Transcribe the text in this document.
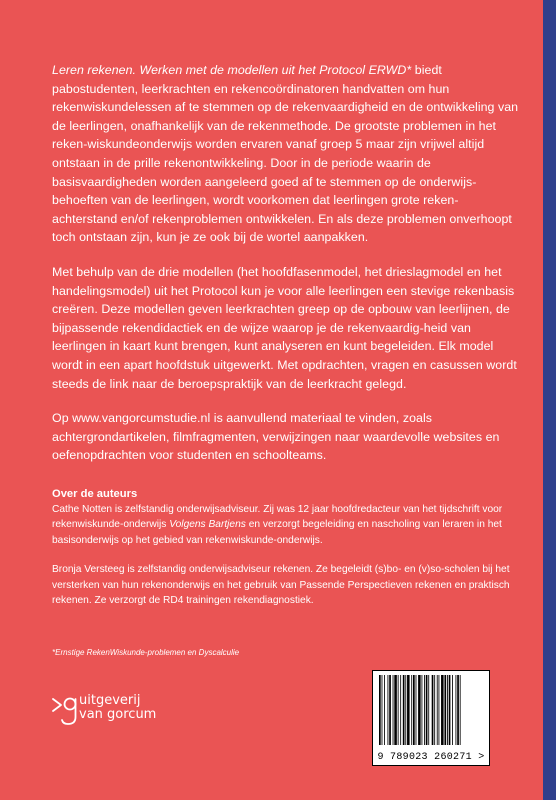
Leren rekenen. Werken met de modellen uit het Protocol ERWD* biedt pabostudenten, leerkrachten en rekencoördinatoren handvatten om hun rekenwiskundelessen af te stemmen op de rekenvaardigheid en de ontwikkeling van de leerlingen, onafhankelijk van de rekenmethode. De grootste problemen in het reken-wiskundeonderwijs worden ervaren vanaf groep 5 maar zijn vrijwel altijd ontstaan in de prille rekenontwikkeling. Door in de periode waarin de basisvaardigheden worden aangeleerd goed af te stemmen op de onderwijs-behoeften van de leerlingen, wordt voorkomen dat leerlingen grote reken-achterstand en/of rekenproblemen ontwikkelen. En als deze problemen onverhoopt toch ontstaan zijn, kun je ze ook bij de wortel aanpakken.

Met behulp van de drie modellen (het hoofdfasenmodel, het drieslagmodel en het handelingsmodel) uit het Protocol kun je voor alle leerlingen een stevige rekenbasis creëren. Deze modellen geven leerkrachten greep op de opbouw van leerlijnen, de bijpassende rekendidactiek en de wijze waarop je de rekenvaardig-heid van leerlingen in kaart kunt brengen, kunt analyseren en kunt begeleiden. Elk model wordt in een apart hoofdstuk uitgewerkt. Met opdrachten, vragen en casussen wordt steeds de link naar de beroepspraktijk van de leerkracht gelegd.

Op www.vangorcumstudie.nl is aanvullend materiaal te vinden, zoals achtergrondartikelen, filmfragmenten, verwijzingen naar waardevolle websites en oefenopdrachten voor studenten en schoolteams.

Over de auteurs

Cathe Notten is zelfstandig onderwijsadviseur. Zij was 12 jaar hoofdredacteur van het tijdschrift voor rekenwiskunde-onderwijs Volgens Bartjens en verzorgt begeleiding en nascholing van leraren in het basisonderwijs op het gebied van rekenwiskunde-onderwijs.

Bronja Versteeg is zelfstandig onderwijsadviseur rekenen. Ze begeleidt (s)bo- en (v)so-scholen bij het versterken van hun rekenonderwijs en het gebruik van Passende Perspectieven rekenen en praktisch rekenen. Ze verzorgt de RD4 trainingen rekendiagnostiek.

*Ernstige RekenWiskunde-problemen en Dyscalculie
uitgeverij
van gorcum
9 789023 260271 >
